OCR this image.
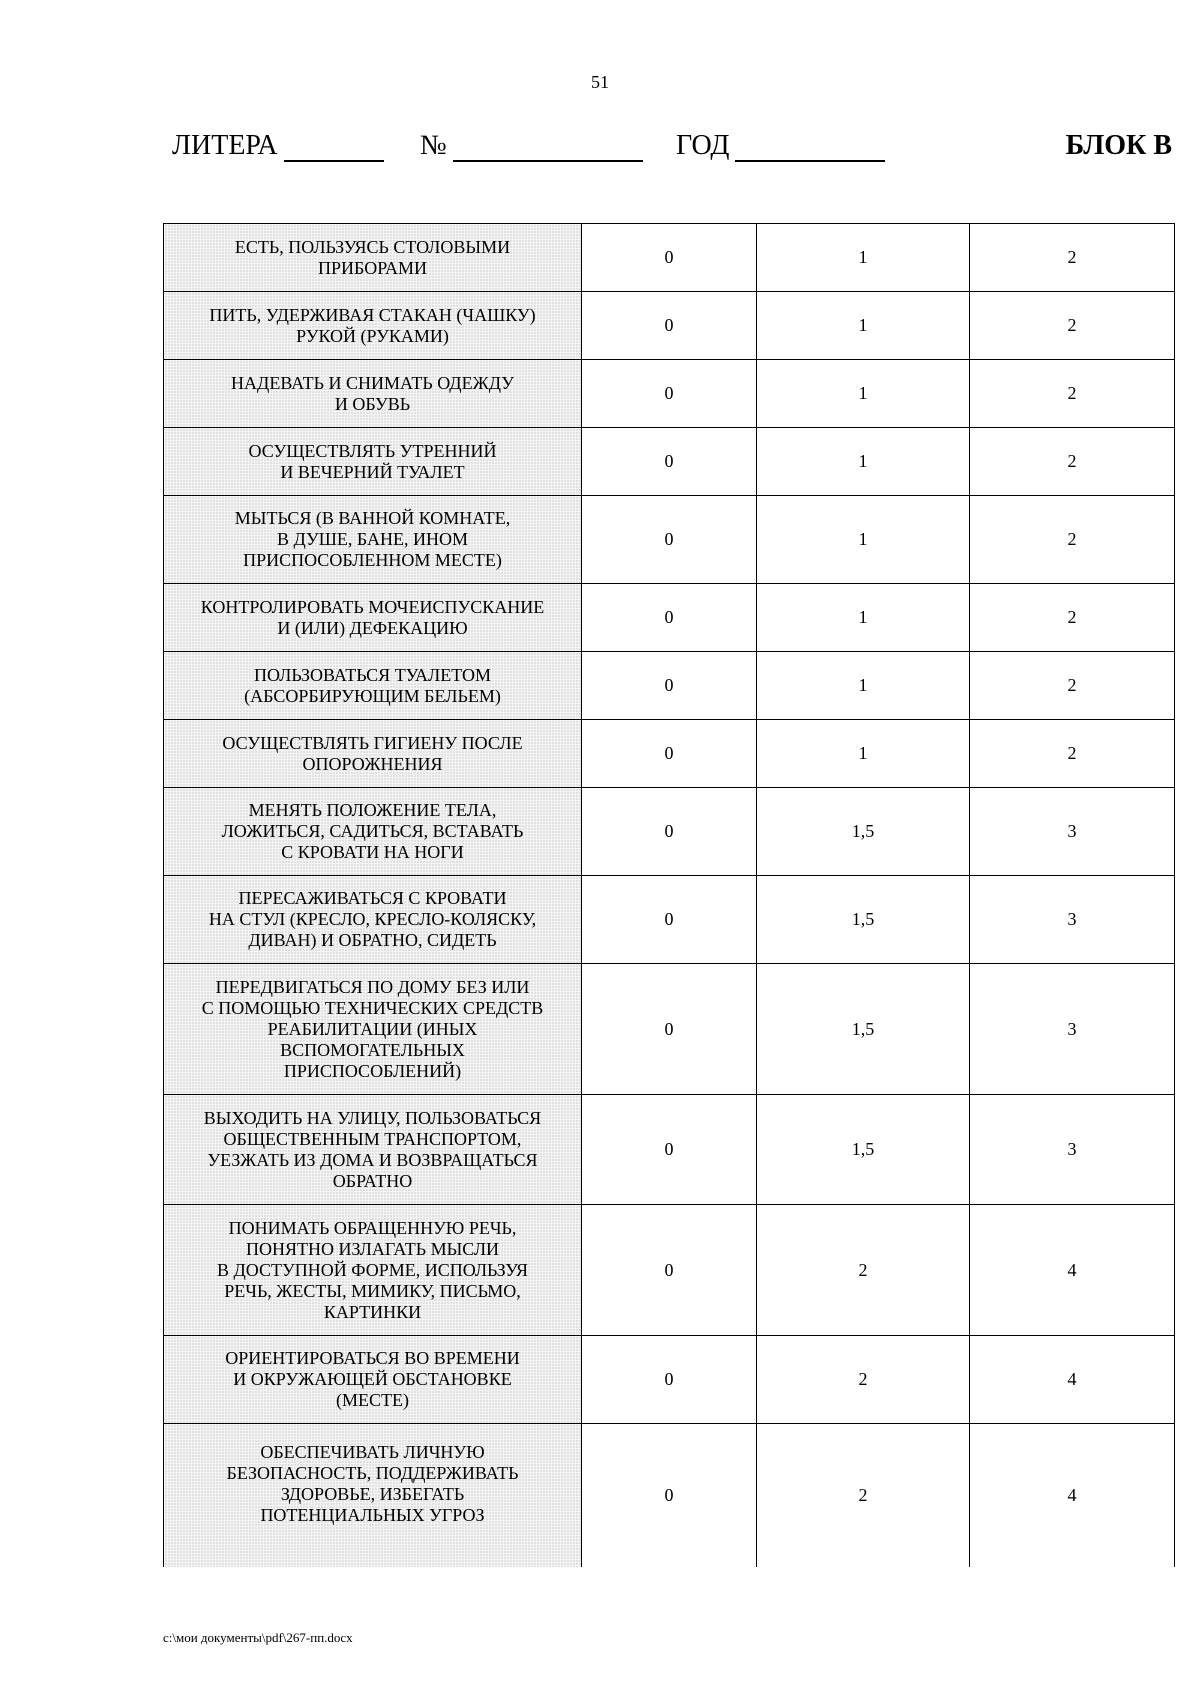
51
ЛИТЕРА	№	ГОД	БЛОК В
ЕСТЬ, ПОЛЬЗУЯСЬ СТОЛОВЫМИ
ПРИБОРАМИ	0	1	2
ПИТЬ, УДЕРЖИВАЯ СТАКАН (ЧАШКУ)
РУКОЙ (РУКАМИ)	0	1	2
НАДЕВАТЬ И СНИМАТЬ ОДЕЖДУ
И ОБУВЬ	0	1	2
ОСУЩЕСТВЛЯТЬ УТРЕННИЙ
И ВЕЧЕРНИЙ ТУАЛЕТ	0	1	2
МЫТЬСЯ (В ВАННОЙ КОМНАТЕ,
В ДУШЕ, БАНЕ, ИНОМ
ПРИСПОСОБЛЕННОМ МЕСТЕ)	0	1	2
КОНТРОЛИРОВАТЬ МОЧЕИСПУСКАНИЕ
И (ИЛИ) ДЕФЕКАЦИЮ	0	1	2
ПОЛЬЗОВАТЬСЯ ТУАЛЕТОМ
(АБСОРБИРУЮЩИМ БЕЛЬЕМ)	0	1	2
ОСУЩЕСТВЛЯТЬ ГИГИЕНУ ПОСЛЕ
ОПОРОЖНЕНИЯ	0	1	2
МЕНЯТЬ ПОЛОЖЕНИЕ ТЕЛА,
ЛОЖИТЬСЯ, САДИТЬСЯ, ВСТАВАТЬ
С КРОВАТИ НА НОГИ	0	1,5	3
ПЕРЕСАЖИВАТЬСЯ С КРОВАТИ
НА СТУЛ (КРЕСЛО, КРЕСЛО-КОЛЯСКУ,
ДИВАН) И ОБРАТНО, СИДЕТЬ	0	1,5	3
ПЕРЕДВИГАТЬСЯ ПО ДОМУ БЕЗ ИЛИ
С ПОМОЩЬЮ ТЕХНИЧЕСКИХ СРЕДСТВ
РЕАБИЛИТАЦИИ (ИНЫХ
ВСПОМОГАТЕЛЬНЫХ
ПРИСПОСОБЛЕНИЙ)	0	1,5	3
ВЫХОДИТЬ НА УЛИЦУ, ПОЛЬЗОВАТЬСЯ
ОБЩЕСТВЕННЫМ ТРАНСПОРТОМ,
УЕЗЖАТЬ ИЗ ДОМА И ВОЗВРАЩАТЬСЯ
ОБРАТНО	0	1,5	3
ПОНИМАТЬ ОБРАЩЕННУЮ РЕЧЬ,
ПОНЯТНО ИЗЛАГАТЬ МЫСЛИ
В ДОСТУПНОЙ ФОРМЕ, ИСПОЛЬЗУЯ
РЕЧЬ, ЖЕСТЫ, МИМИКУ, ПИСЬМО,
КАРТИНКИ	0	2	4
ОРИЕНТИРОВАТЬСЯ ВО ВРЕМЕНИ
И ОКРУЖАЮЩЕЙ ОБСТАНОВКЕ
(МЕСТЕ)	0	2	4
ОБЕСПЕЧИВАТЬ ЛИЧНУЮ
БЕЗОПАСНОСТЬ, ПОДДЕРЖИВАТЬ
ЗДОРОВЬЕ, ИЗБЕГАТЬ
ПОТЕНЦИАЛЬНЫХ УГРОЗ	0	2	4
c:\мои документы\pdf\267-пп.docx
